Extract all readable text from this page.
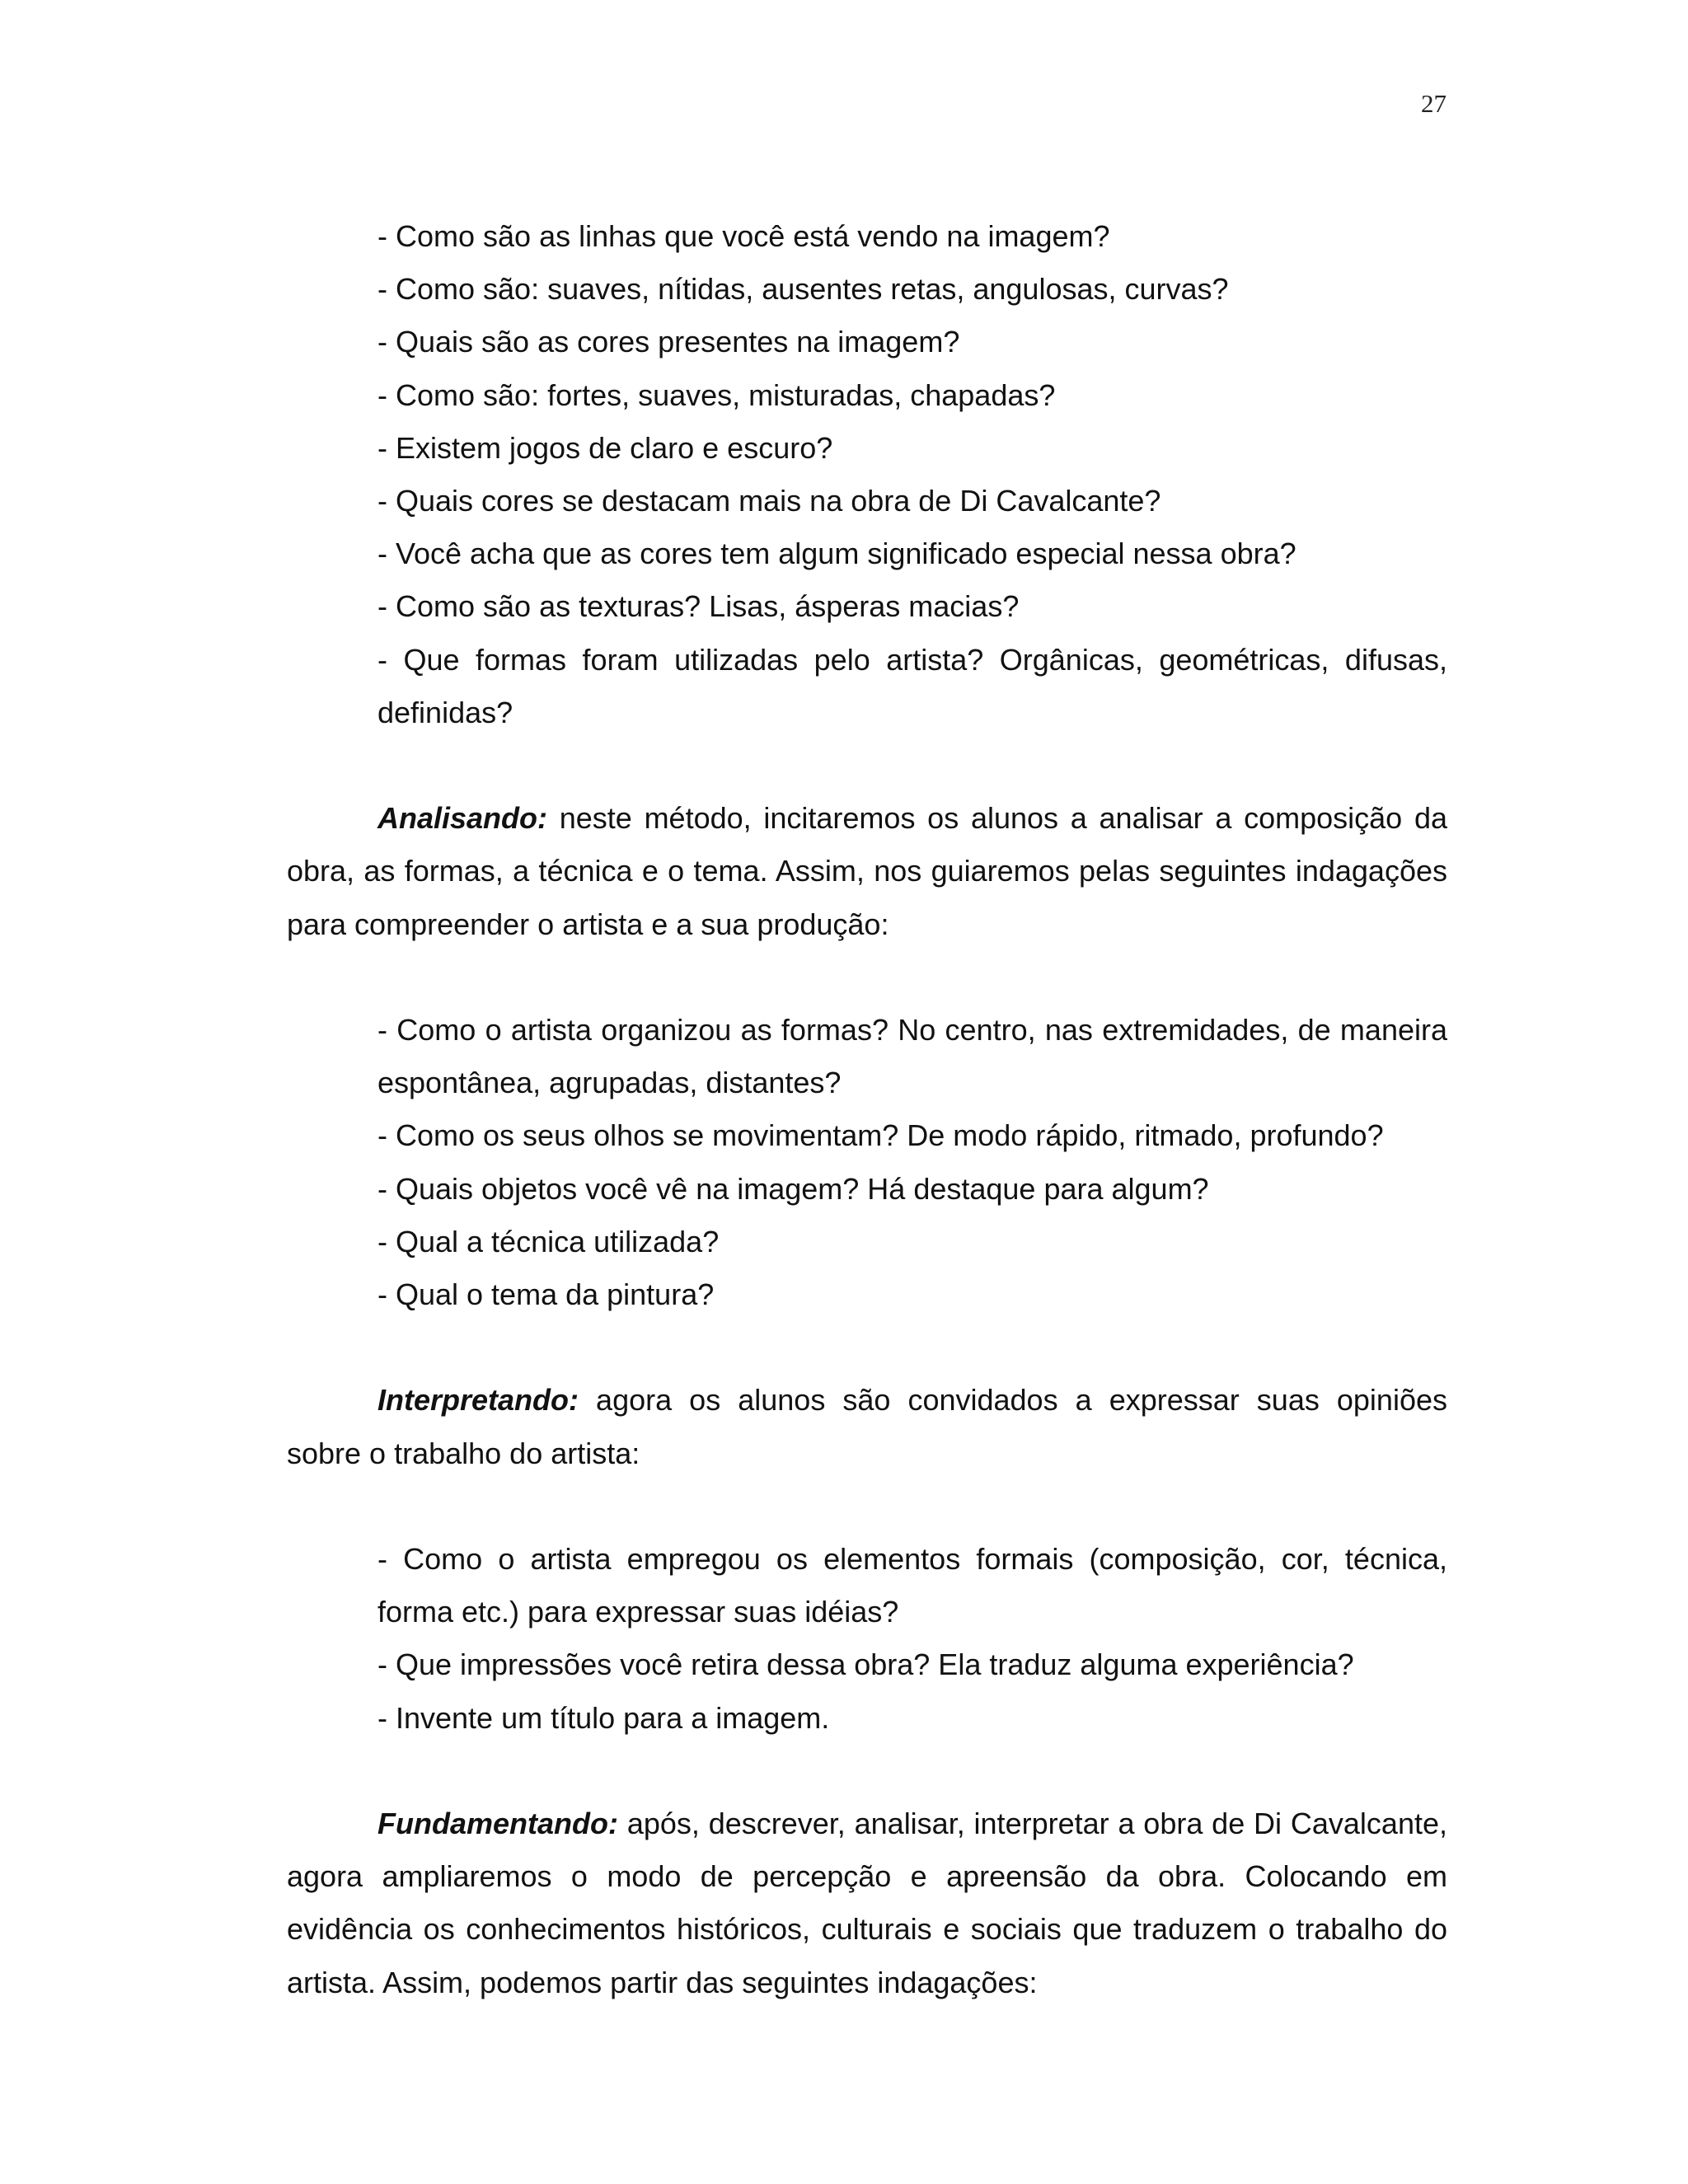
27
- Como são as linhas que você está vendo na imagem?
- Como são: suaves, nítidas, ausentes retas, angulosas, curvas?
- Quais são as cores presentes na imagem?
- Como são: fortes, suaves, misturadas, chapadas?
- Existem jogos de claro e escuro?
- Quais cores se destacam mais na obra de Di Cavalcante?
- Você acha que as cores tem algum significado especial nessa obra?
- Como são as texturas? Lisas, ásperas macias?
- Que formas foram utilizadas pelo artista? Orgânicas, geométricas, difusas, definidas?

Analisando: neste método, incitaremos os alunos a analisar a composição da obra, as formas, a técnica e o tema. Assim, nos guiaremos pelas seguintes indagações para compreender o artista e a sua produção:

- Como o artista organizou as formas? No centro, nas extremidades, de maneira espontânea, agrupadas, distantes?
- Como os seus olhos se movimentam? De modo rápido, ritmado, profundo?
- Quais objetos você vê na imagem? Há destaque para algum?
- Qual a técnica utilizada?
- Qual o tema da pintura?

Interpretando: agora os alunos são convidados a expressar suas opiniões sobre o trabalho do artista:

- Como o artista empregou os elementos formais (composição, cor, técnica, forma etc.) para expressar suas idéias?
- Que impressões você retira dessa obra? Ela traduz alguma experiência?
- Invente um título para a imagem.

Fundamentando: após, descrever, analisar, interpretar a obra de Di Cavalcante, agora ampliaremos o modo de percepção e apreensão da obra. Colocando em evidência os conhecimentos históricos, culturais e sociais que traduzem o trabalho do artista. Assim, podemos partir das seguintes indagações:
